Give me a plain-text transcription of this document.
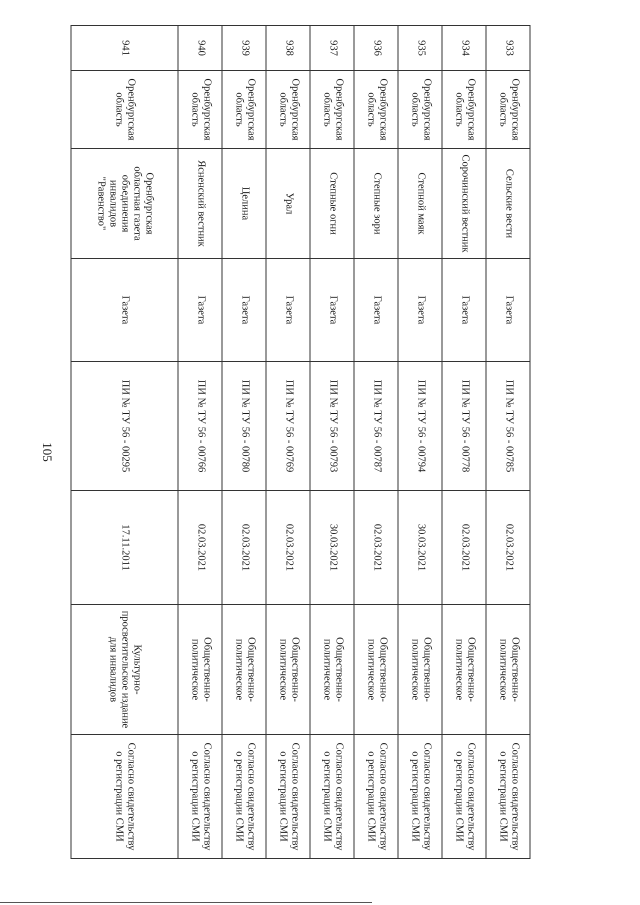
105
933	Оренбургская область	Сельские вести	Газета	ПИ № ТУ 56 - 00785	02.03.2021	Общественно-политическое	Согласно свидетельству о регистрации СМИ
934	Оренбургская область	Сорочинский вестник	Газета	ПИ № ТУ 56 - 00778	02.03.2021	Общественно-политическое	Согласно свидетельству о регистрации СМИ
935	Оренбургская область	Степной маяк	Газета	ПИ № ТУ 56 - 00794	30.03.2021	Общественно-политическое	Согласно свидетельству о регистрации СМИ
936	Оренбургская область	Степные зори	Газета	ПИ № ТУ 56 - 00787	02.03.2021	Общественно-политическое	Согласно свидетельству о регистрации СМИ
937	Оренбургская область	Степные огни	Газета	ПИ № ТУ 56 - 00793	30.03.2021	Общественно-политическое	Согласно свидетельству о регистрации СМИ
938	Оренбургская область	Урал	Газета	ПИ № ТУ 56 - 00769	02.03.2021	Общественно-политическое	Согласно свидетельству о регистрации СМИ
939	Оренбургская область	Целина	Газета	ПИ № ТУ 56 - 00780	02.03.2021	Общественно-политическое	Согласно свидетельству о регистрации СМИ
940	Оренбургская область	Ясненский вестник	Газета	ПИ № ТУ 56 - 00766	02.03.2021	Общественно-политическое	Согласно свидетельству о регистрации СМИ
941	Оренбургская область	Оренбургская областная газета объединения инвалидов "Равенство"	Газета	ПИ № ТУ 56 - 00295	17.11.2011	Культурно-просветительское издание для инвалидов	Согласно свидетельству о регистрации СМИ
